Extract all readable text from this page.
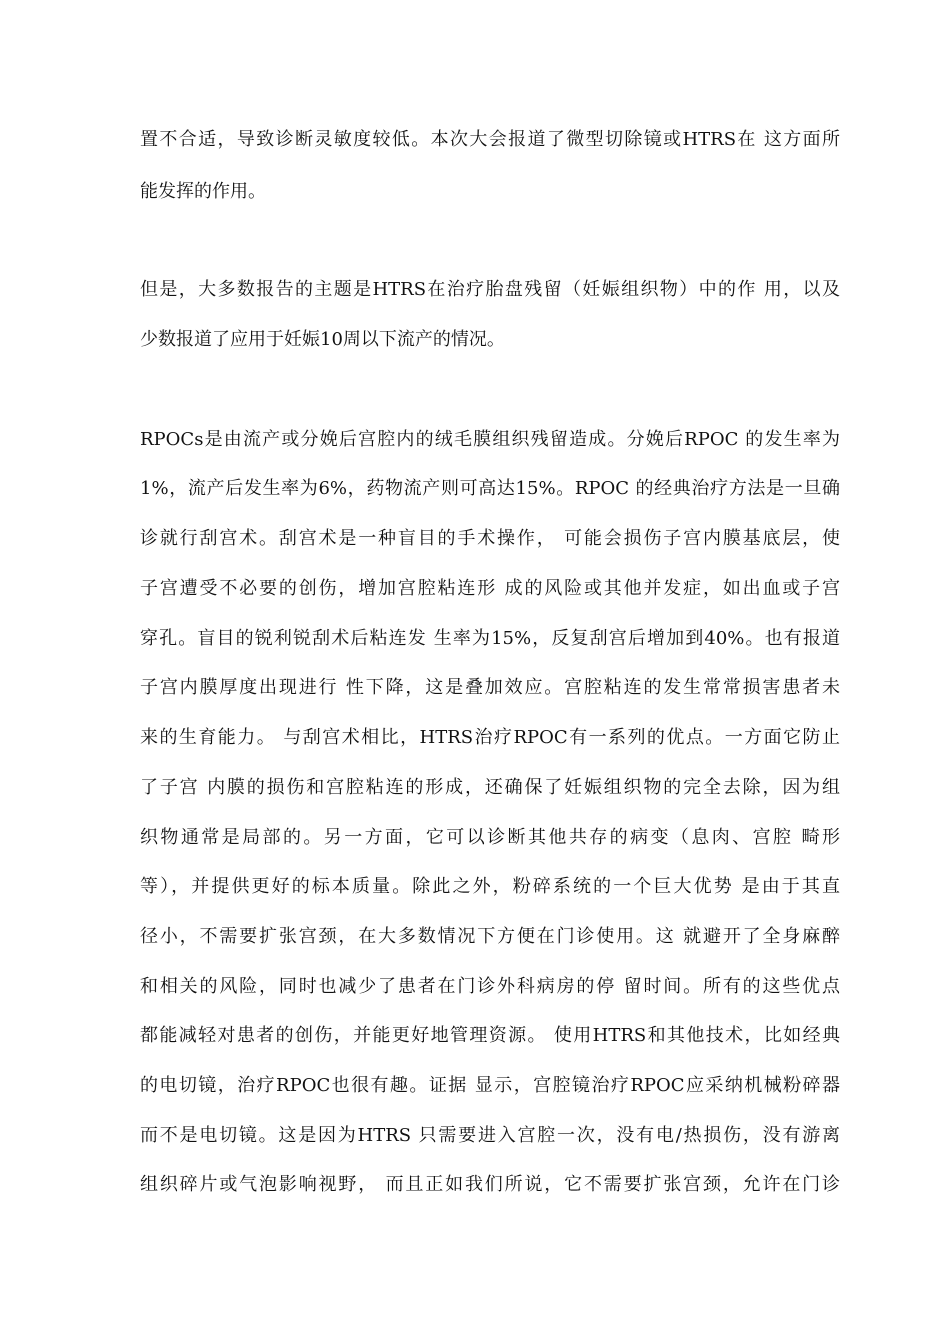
置不合适，导致诊断灵敏度较低。本次大会报道了微型切除镜或HTRS在 这方面所
能发挥的作用。
但是，大多数报告的主题是HTRS在治疗胎盘残留（妊娠组织物）中的作 用，以及
少数报道了应用于妊娠10周以下流产的情况。
RPOCs是由流产或分娩后宫腔内的绒毛膜组织残留造成。分娩后RPOC 的发生率为
1%，流产后发生率为6%，药物流产则可高达15%。RPOC 的经典治疗方法是一旦确
诊就行刮宫术。刮宫术是一种盲目的手术操作， 可能会损伤子宫内膜基底层，使
子宫遭受不必要的创伤，增加宫腔粘连形 成的风险或其他并发症，如出血或子宫
穿孔。盲目的锐利锐刮术后粘连发 生率为15%，反复刮宫后增加到40%。也有报道
子宫内膜厚度出现进行 性下降，这是叠加效应。宫腔粘连的发生常常损害患者未
来的生育能力。 与刮宫术相比，HTRS治疗RPOC有一系列的优点。一方面它防止
了子宫 内膜的损伤和宫腔粘连的形成，还确保了妊娠组织物的完全去除，因为组
织物通常是局部的。另一方面，它可以诊断其他共存的病变（息肉、宫腔 畸形
等），并提供更好的标本质量。除此之外，粉碎系统的一个巨大优势 是由于其直
径小，不需要扩张宫颈，在大多数情况下方便在门诊使用。这 就避开了全身麻醉
和相关的风险，同时也减少了患者在门诊外科病房的停 留时间。所有的这些优点
都能减轻对患者的创伤，并能更好地管理资源。 使用HTRS和其他技术，比如经典
的电切镜，治疗RPOC也很有趣。证据 显示，宫腔镜治疗RPOC应采纳机械粉碎器
而不是电切镜。这是因为HTRS 只需要进入宫腔一次，没有电/热损伤，没有游离
组织碎片或气泡影响视野， 而且正如我们所说，它不需要扩张宫颈，允许在门诊
